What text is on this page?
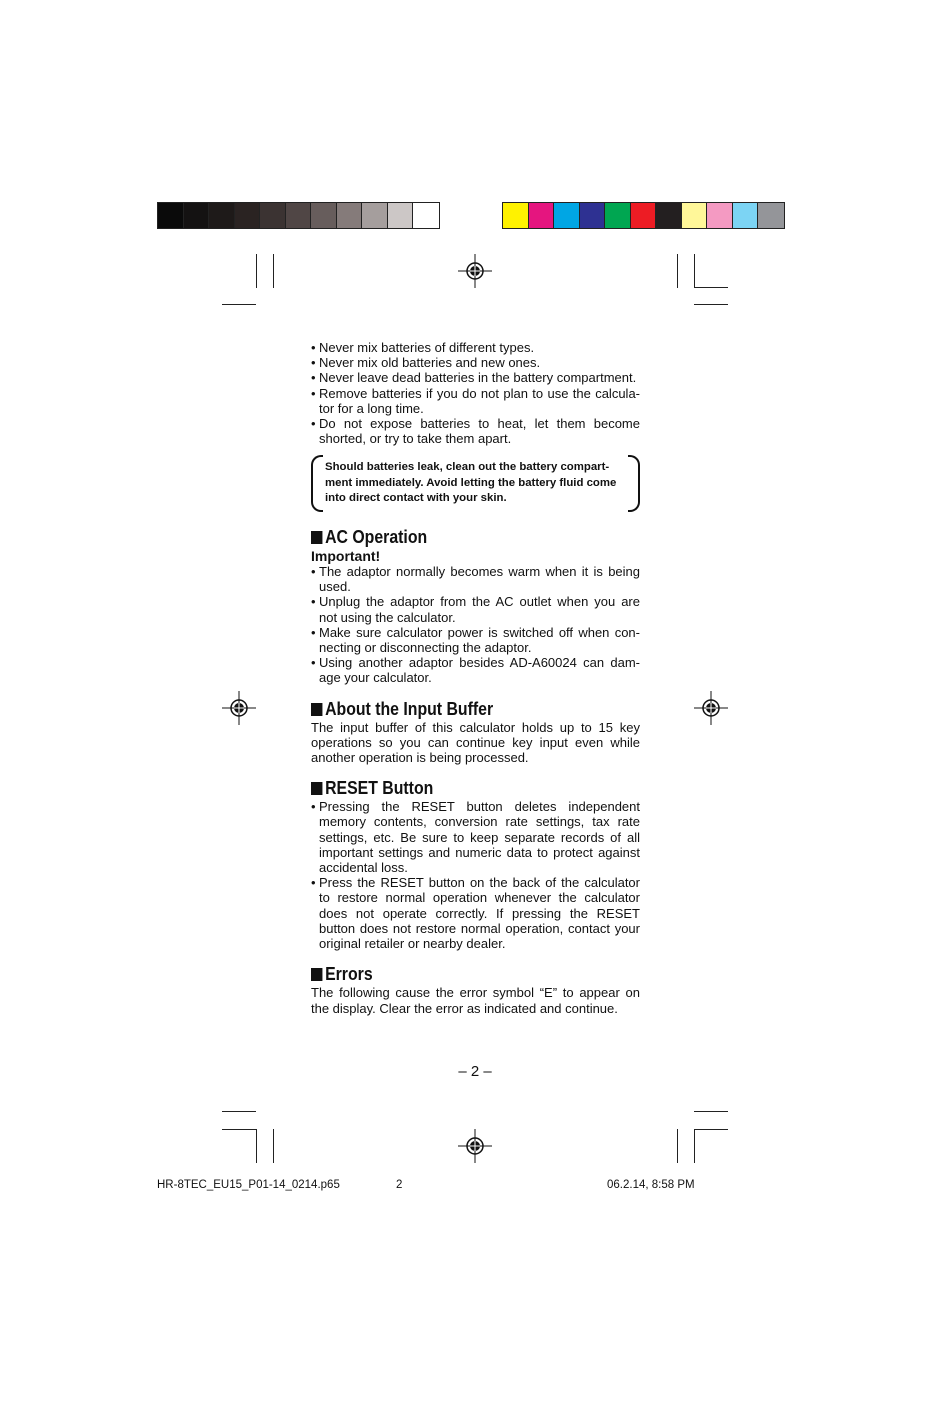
• Never mix batteries of different types.

• Never mix old batteries and new ones.

• Never leave dead batteries in the battery compartment.

• Remove batteries if you do not plan to use the calcula-tor for a long time.

• Do not expose batteries to heat, let them become shorted, or try to take them apart.

Should batteries leak, clean out the battery compart-ment immediately. Avoid letting the battery fluid come into direct contact with your skin.

AC Operation

Important!

• The adaptor normally becomes warm when it is being used.

• Unplug the adaptor from the AC outlet when you are not using the calculator.

• Make sure calculator power is switched off when con-necting or disconnecting the adaptor.

• Using another adaptor besides AD-A60024 can dam-age your calculator.

About the Input Buffer

The input buffer of this calculator holds up to 15 key operations so you can continue key input even while another operation is being processed.

RESET Button

• Pressing the RESET button deletes independent memory contents, conversion rate settings, tax rate settings, etc. Be sure to keep separate records of all important settings and numeric data to protect against accidental loss.

• Press the RESET button on the back of the calculator to restore normal operation whenever the calculator does not operate correctly. If pressing the RESET button does not restore normal operation, contact your original retailer or nearby dealer.

Errors

The following cause the error symbol “E” to appear on the display. Clear the error as indicated and continue.

– 2 –
HR-8TEC_EU15_P01-14_0214.p65	2	06.2.14, 8:58 PM
